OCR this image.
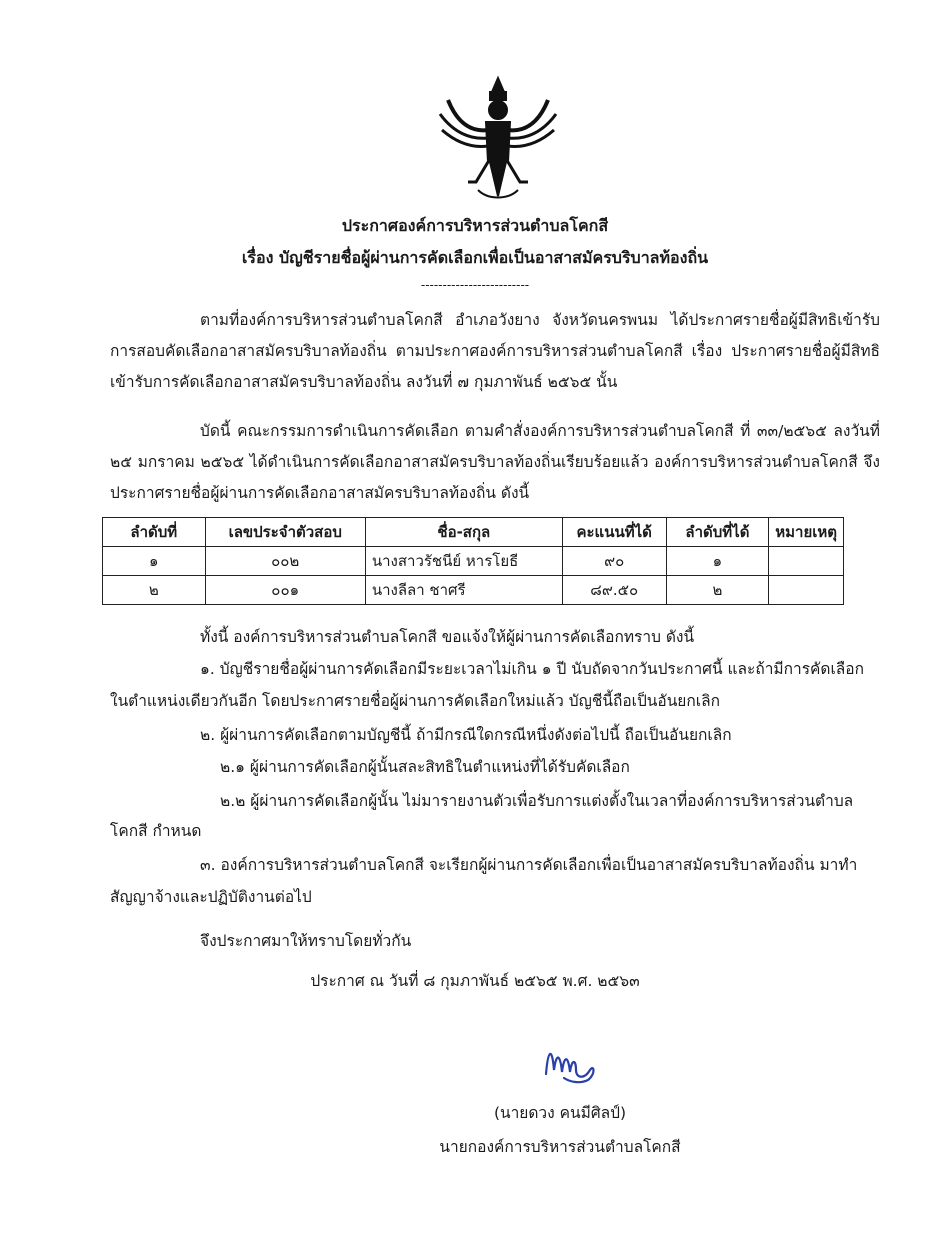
ประกาศองค์การบริหารส่วนตำบลโคกสี
เรื่อง บัญชีรายชื่อผู้ผ่านการคัดเลือกเพื่อเป็นอาสาสมัครบริบาลท้องถิ่น
-------------------------
ตามที่องค์การบริหารส่วนตำบลโคกสี อำเภอวังยาง จังหวัดนครพนม ได้ประกาศรายชื่อผู้มีสิทธิเข้ารับการสอบคัดเลือกอาสาสมัครบริบาลท้องถิ่น ตามประกาศองค์การบริหารส่วนตำบลโคกสี เรื่อง ประกาศรายชื่อผู้มีสิทธิเข้ารับการคัดเลือกอาสาสมัครบริบาลท้องถิ่น ลงวันที่ ๗ กุมภาพันธ์ ๒๕๖๕ นั้น
บัดนี้ คณะกรรมการดำเนินการคัดเลือก ตามคำสั่งองค์การบริหารส่วนตำบลโคกสี ที่ ๓๓/๒๕๖๕ ลงวันที่ ๒๕ มกราคม ๒๕๖๕ ได้ดำเนินการคัดเลือกอาสาสมัครบริบาลท้องถิ่นเรียบร้อยแล้ว องค์การบริหารส่วนตำบลโคกสี จึงประกาศรายชื่อผู้ผ่านการคัดเลือกอาสาสมัครบริบาลท้องถิ่น ดังนี้
ลำดับที่	เลขประจำตัวสอบ	ชื่อ-สกุล	คะแนนที่ได้	ลำดับที่ได้	หมายเหตุ
๑	๐๐๒	นางสาวรัชนีย์ หารโยธี	๙๐	๑	
๒	๐๐๑	นางลีลา ชาศรี	๘๙.๕๐	๒	
ทั้งนี้ องค์การบริหารส่วนตำบลโคกสี ขอแจ้งให้ผู้ผ่านการคัดเลือกทราบ ดังนี้
๑. บัญชีรายชื่อผู้ผ่านการคัดเลือกมีระยะเวลาไม่เกิน ๑ ปี นับถัดจากวันประกาศนี้ และถ้ามีการคัดเลือก
ในตำแหน่งเดียวกันอีก โดยประกาศรายชื่อผู้ผ่านการคัดเลือกใหม่แล้ว บัญชีนี้ถือเป็นอันยกเลิก
๒. ผู้ผ่านการคัดเลือกตามบัญชีนี้ ถ้ามีกรณีใดกรณีหนึ่งดังต่อไปนี้ ถือเป็นอันยกเลิก
๒.๑ ผู้ผ่านการคัดเลือกผู้นั้นสละสิทธิในตำแหน่งที่ได้รับคัดเลือก
๒.๒ ผู้ผ่านการคัดเลือกผู้นั้น ไม่มารายงานตัวเพื่อรับการแต่งตั้งในเวลาที่องค์การบริหารส่วนตำบล
โคกสี กำหนด
๓. องค์การบริหารส่วนตำบลโคกสี จะเรียกผู้ผ่านการคัดเลือกเพื่อเป็นอาสาสมัครบริบาลท้องถิ่น มาทำ
สัญญาจ้างและปฏิบัติงานต่อไป
จึงประกาศมาให้ทราบโดยทั่วกัน
ประกาศ ณ วันที่ ๘ กุมภาพันธ์ ๒๕๖๕ พ.ศ. ๒๕๖๓
(นายดวง คนมีศิลป์)
นายกองค์การบริหารส่วนตำบลโคกสี
